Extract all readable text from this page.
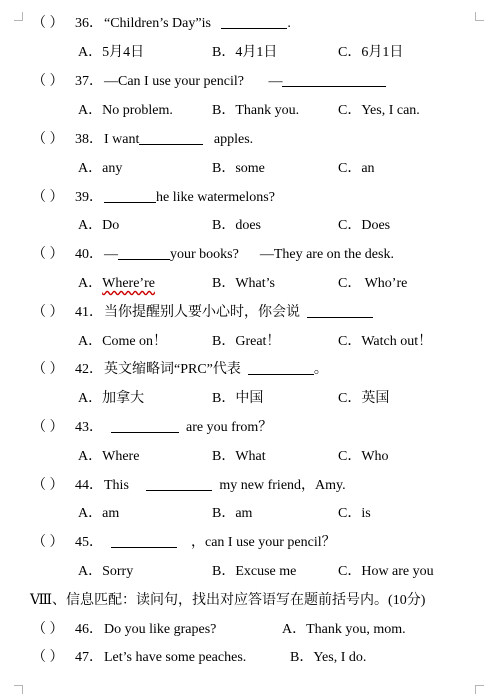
（ ） 36． “Children’s Day”is	.
A．5月4日	B．4月1日	C．6月1日
（ ） 37． —Can I use your pencil? —
A．No problem.	B．Thank you.	C．Yes, I can.
（ ） 38． I want	apples.
A．any	B．some	C．an
（ ） 39．	he like watermelons?
A．Do	B．does	C．Does
（ ） 40． —	your books? —They are on the desk.
A．Where’re	B．What’s	C． Who’re
（ ） 41． 当你提醒别人要小心时，你会说
A．Come on！	B．Great！	C．Watch out！
（ ） 42． 英文缩略词“PRC”代表	。
A．加拿大	B．中国	C．英国
（ ） 43．	are you from？
A．Where	B．What	C．Who
（ ） 44． This	my new friend，Amy.
A．am	B．am	C．is
（ ） 45．	，can I use your pencil？
A．Sorry	B．Excuse me	C．How are you
Ⅷ、信息匹配：读问句，找出对应答语写在题前括号内。(10分)
（ ） 46． Do you like grapes?	A．Thank you, mom.
（ ） 47． Let’s have some peaches.	B．Yes, I do.
